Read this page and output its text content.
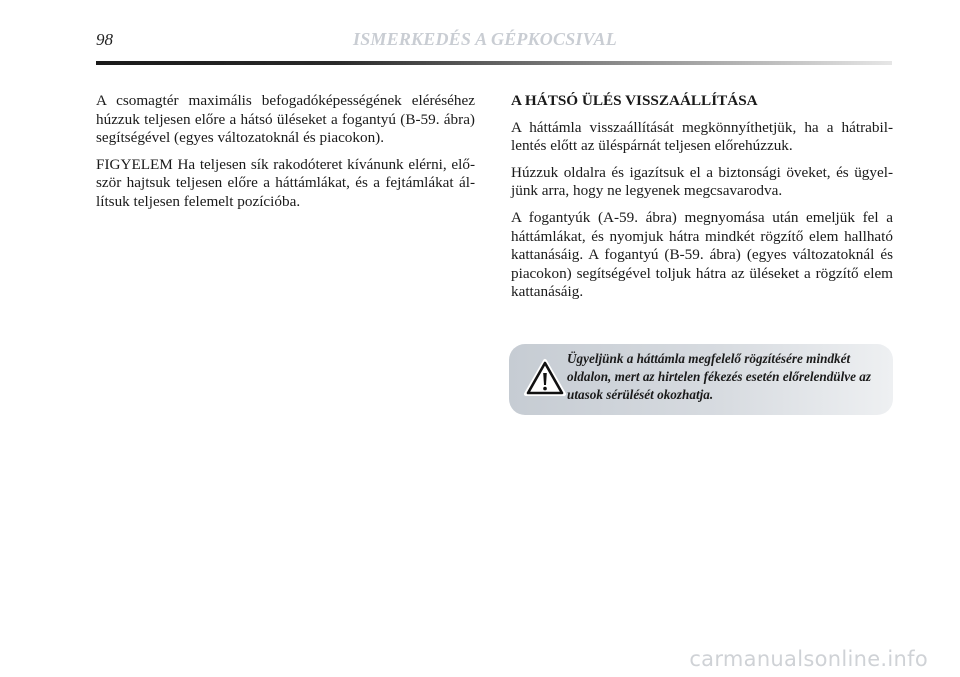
98	ISMERKEDÉS A GÉPKOCSIVAL

A csomagtér maximális befogadóképességének eléréséhez húzzuk teljesen előre a hátsó üléseket a fogantyú (B-59. ábra) segítségével (egyes változatoknál és piacokon).

FIGYELEM Ha teljesen sík rakodóteret kívánunk elérni, először hajtsuk teljesen előre a háttámlákat, és a fejtámlákat állítsuk teljesen felemelt pozícióba.

A HÁTSÓ ÜLÉS VISSZAÁLLÍTÁSA

A háttámla visszaállítását megkönnyíthetjük, ha a hátrabillentés előtt az üléspárnát teljesen előrehúzzuk.

Húzzuk oldalra és igazítsuk el a biztonsági öveket, és ügyeljünk arra, hogy ne legyenek megcsavarodva.

A fogantyúk (A-59. ábra) megnyomása után emeljük fel a háttámlákat, és nyomjuk hátra mindkét rögzítő elem hallható kattanásáig. A fogantyú (B-59. ábra) (egyes változatoknál és piacokon) segítségével toljuk hátra az üléseket a rögzítő elem kattanásáig.

Ügyeljünk a háttámla megfelelő rögzítésére mindkét oldalon, mert az hirtelen fékezés esetén előrelendülve az utasok sérülését okozhatja.
carmanualsonline.info
